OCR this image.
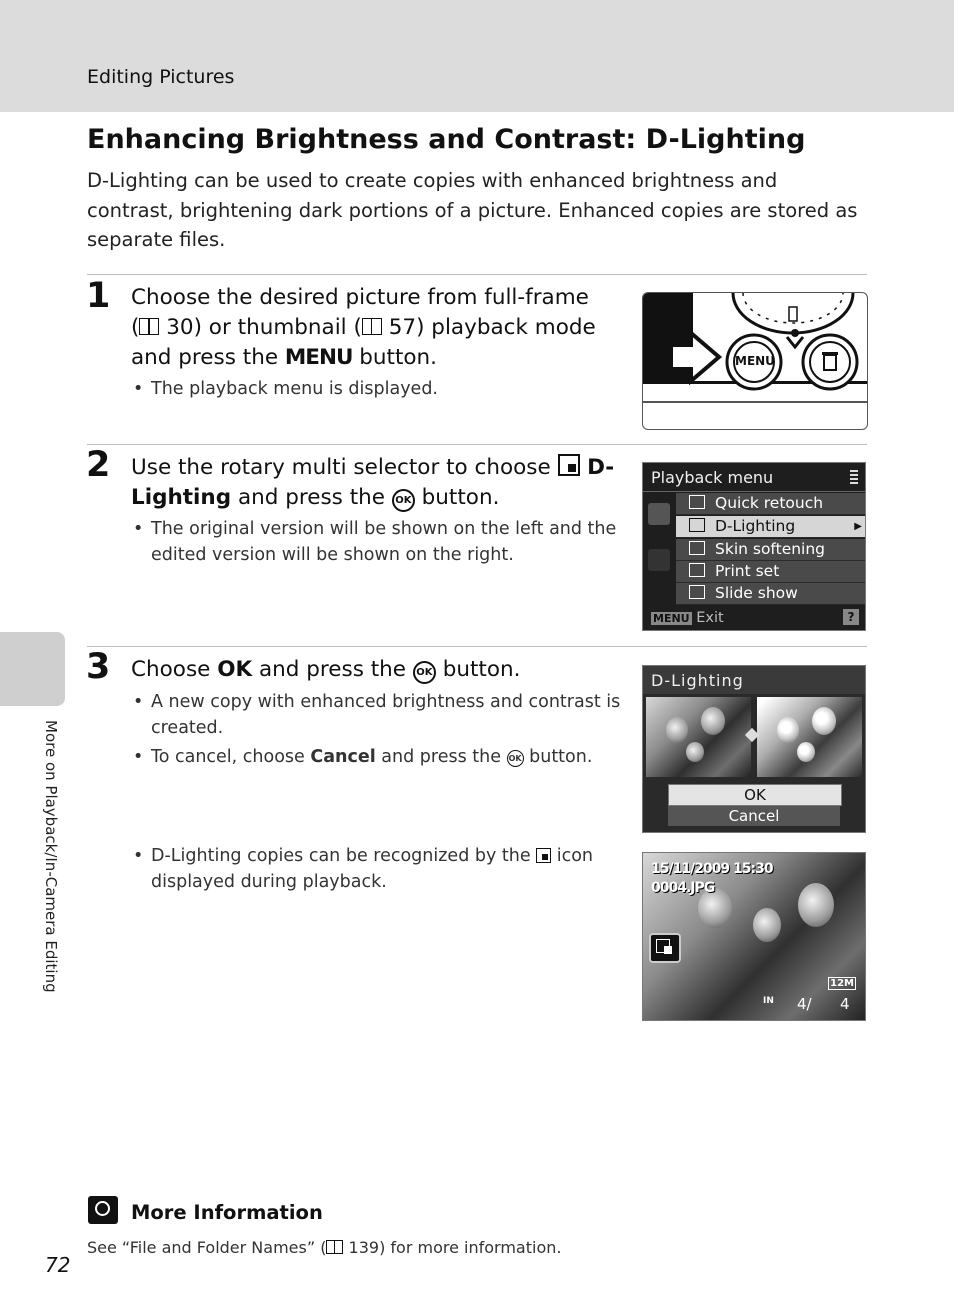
Editing Pictures
More on Playback/In-Camera Editing
Enhancing Brightness and Contrast: D-Lighting
D-Lighting can be used to create copies with enhanced brightness and contrast, brightening dark portions of a picture. Enhanced copies are stored as separate files.
1 Choose the desired picture from full-frame
( 30) or thumbnail ( 57) playback mode
and press the MENU button.
• The playback menu is displayed.
MENU
2 Use the rotary multi selector to choose  D-
Lighting and press the OK button.
• The original version will be shown on the left and the edited version will be shown on the right.
Playback menu
Quick retouch
D-Lighting	▶
Skin softening
Print set
Slide show
MENU Exit	?
3 Choose OK and press the OK button.
• A new copy with enhanced brightness and contrast is created.
• To cancel, choose Cancel and press the OK button.
• D-Lighting copies can be recognized by the  icon displayed during playback.
D-Lighting
OK
Cancel
15/11/2009 15:30
0004.JPG
12M
IN 4/ 4
More Information
See “File and Folder Names” ( 139) for more information.
72
